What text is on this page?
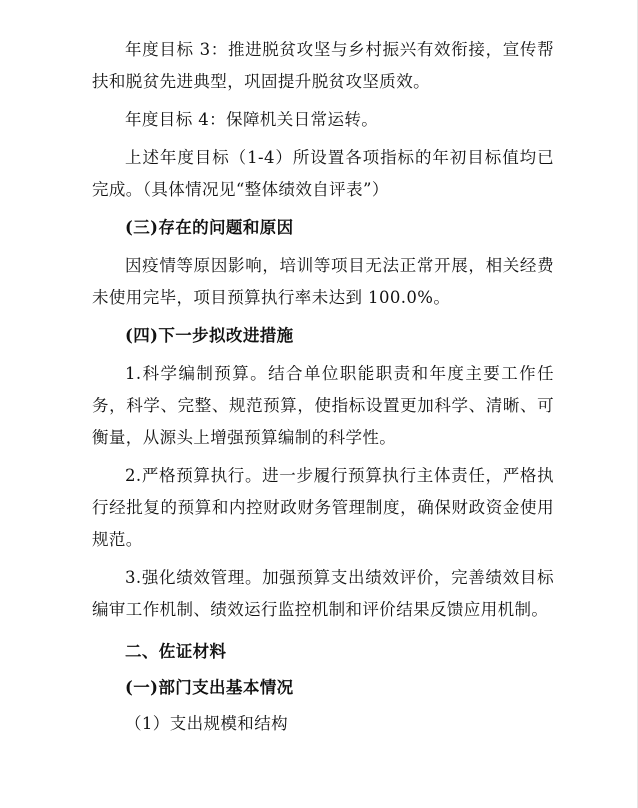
年度目标 3：推进脱贫攻坚与乡村振兴有效衔接，宣传帮扶和脱贫先进典型，巩固提升脱贫攻坚质效。

年度目标 4：保障机关日常运转。

上述年度目标（1-4）所设置各项指标的年初目标值均已完成。（具体情况见“整体绩效自评表”）

(三)存在的问题和原因

因疫情等原因影响，培训等项目无法正常开展，相关经费未使用完毕，项目预算执行率未达到 100.0%。

(四)下一步拟改进措施

1.科学编制预算。结合单位职能职责和年度主要工作任务，科学、完整、规范预算，使指标设置更加科学、清晰、可衡量，从源头上增强预算编制的科学性。

2.严格预算执行。进一步履行预算执行主体责任，严格执行经批复的预算和内控财政财务管理制度，确保财政资金使用规范。

3.强化绩效管理。加强预算支出绩效评价，完善绩效目标编审工作机制、绩效运行监控机制和评价结果反馈应用机制。

二、佐证材料
(一)部门支出基本情况

（1）支出规模和结构
